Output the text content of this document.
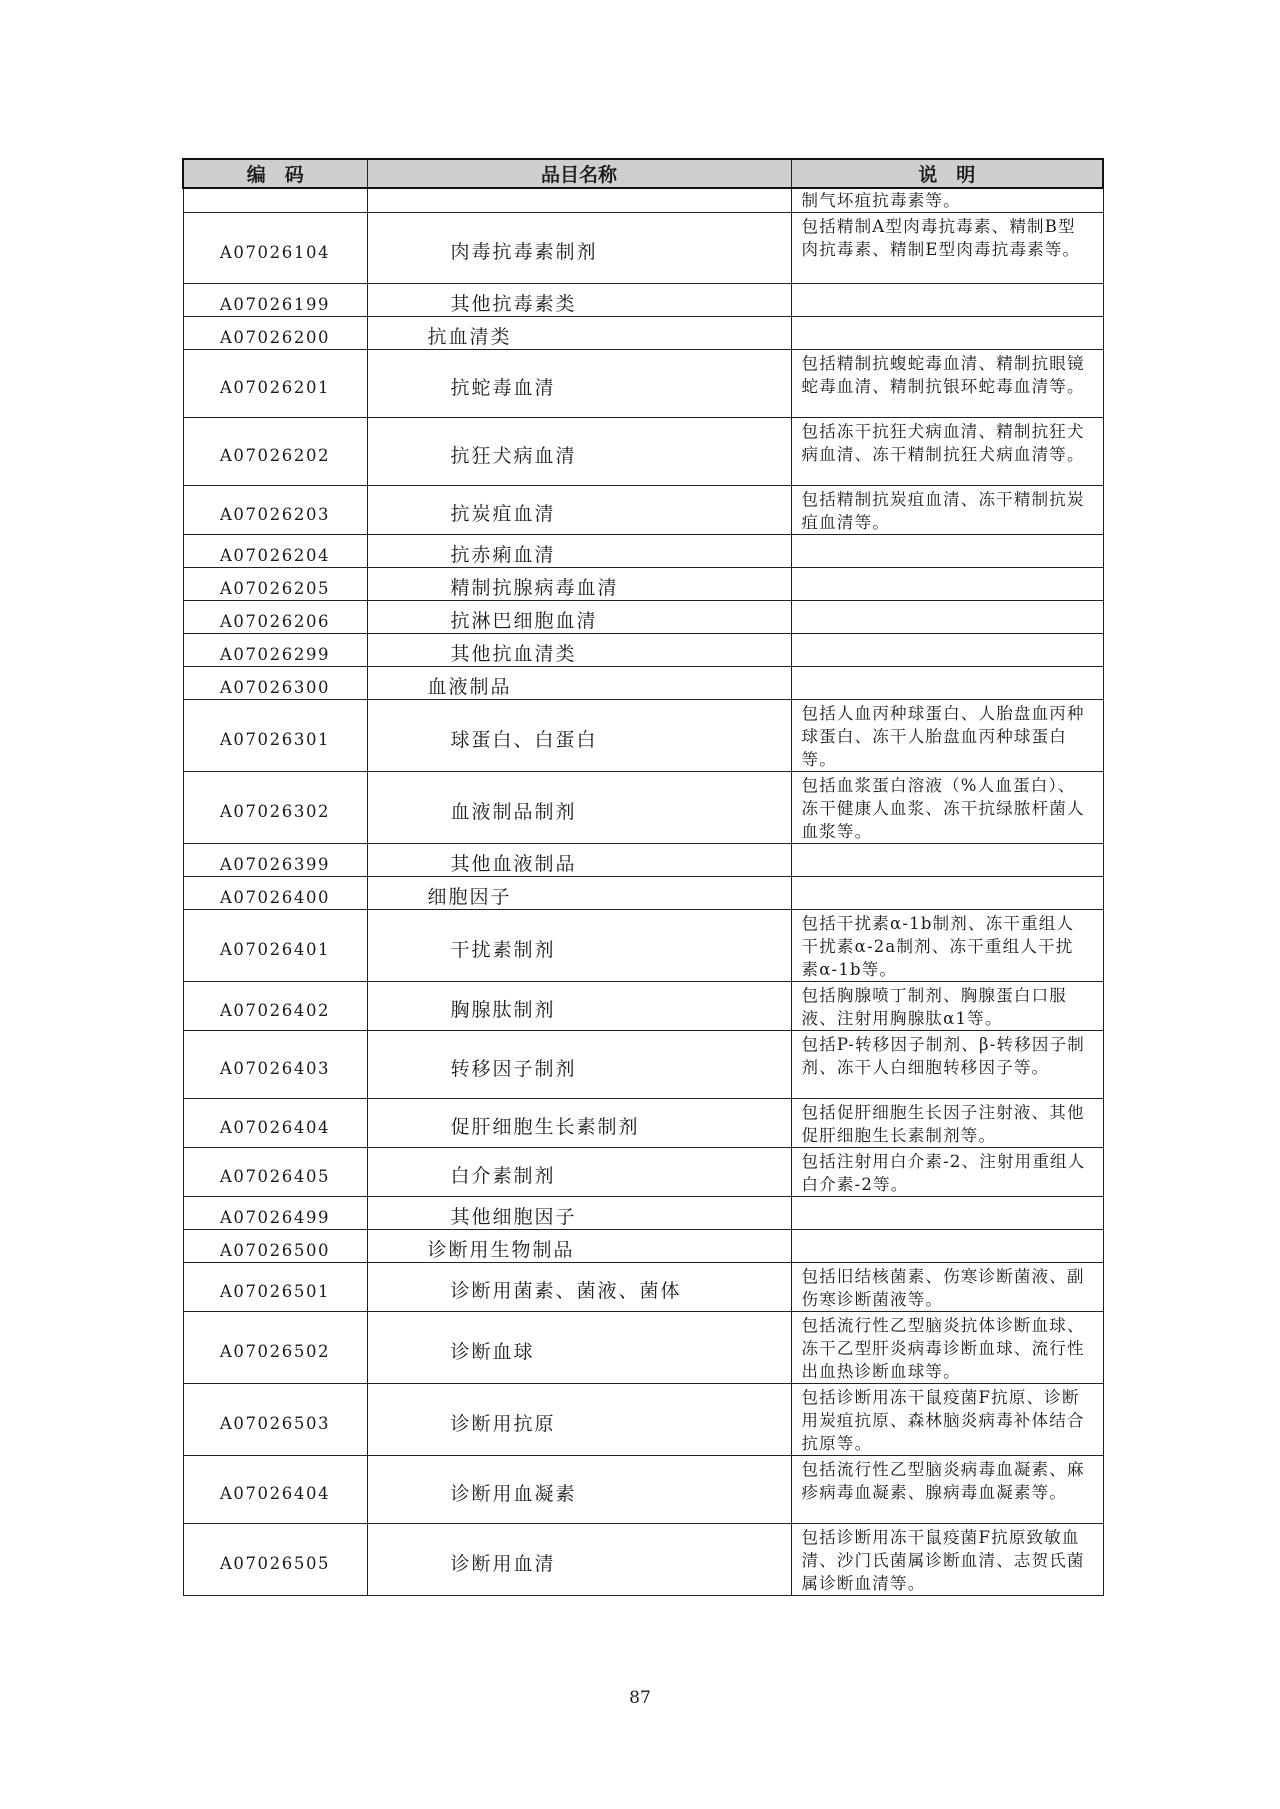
编　码	品目名称	说　明
		制气坏疽抗毒素等。
A07026104	肉毒抗毒素制剂	包括精制A型肉毒抗毒素、精制B型肉抗毒素、精制E型肉毒抗毒素等。
A07026199	其他抗毒素类	
A07026200	抗血清类	
A07026201	抗蛇毒血清	包括精制抗蝮蛇毒血清、精制抗眼镜蛇毒血清、精制抗银环蛇毒血清等。
A07026202	抗狂犬病血清	包括冻干抗狂犬病血清、精制抗狂犬病血清、冻干精制抗狂犬病血清等。
A07026203	抗炭疽血清	包括精制抗炭疽血清、冻干精制抗炭疽血清等。
A07026204	抗赤痢血清	
A07026205	精制抗腺病毒血清	
A07026206	抗淋巴细胞血清	
A07026299	其他抗血清类	
A07026300	血液制品	
A07026301	球蛋白、白蛋白	包括人血丙种球蛋白、人胎盘血丙种球蛋白、冻干人胎盘血丙种球蛋白等。
A07026302	血液制品制剂	包括血浆蛋白溶液（%人血蛋白）、冻干健康人血浆、冻干抗绿脓杆菌人血浆等。
A07026399	其他血液制品	
A07026400	细胞因子	
A07026401	干扰素制剂	包括干扰素α-1b制剂、冻干重组人干扰素α-2a制剂、冻干重组人干扰素α-1b等。
A07026402	胸腺肽制剂	包括胸腺喷丁制剂、胸腺蛋白口服液、注射用胸腺肽α1等。
A07026403	转移因子制剂	包括P-转移因子制剂、β-转移因子制剂、冻干人白细胞转移因子等。
A07026404	促肝细胞生长素制剂	包括促肝细胞生长因子注射液、其他促肝细胞生长素制剂等。
A07026405	白介素制剂	包括注射用白介素-2、注射用重组人白介素-2等。
A07026499	其他细胞因子	
A07026500	诊断用生物制品	
A07026501	诊断用菌素、菌液、菌体	包括旧结核菌素、伤寒诊断菌液、副伤寒诊断菌液等。
A07026502	诊断血球	包括流行性乙型脑炎抗体诊断血球、冻干乙型肝炎病毒诊断血球、流行性出血热诊断血球等。
A07026503	诊断用抗原	包括诊断用冻干鼠疫菌F抗原、诊断用炭疽抗原、森林脑炎病毒补体结合抗原等。
A07026404	诊断用血凝素	包括流行性乙型脑炎病毒血凝素、麻疹病毒血凝素、腺病毒血凝素等。
A07026505	诊断用血清	包括诊断用冻干鼠疫菌F抗原致敏血清、沙门氏菌属诊断血清、志贺氏菌属诊断血清等。
87
